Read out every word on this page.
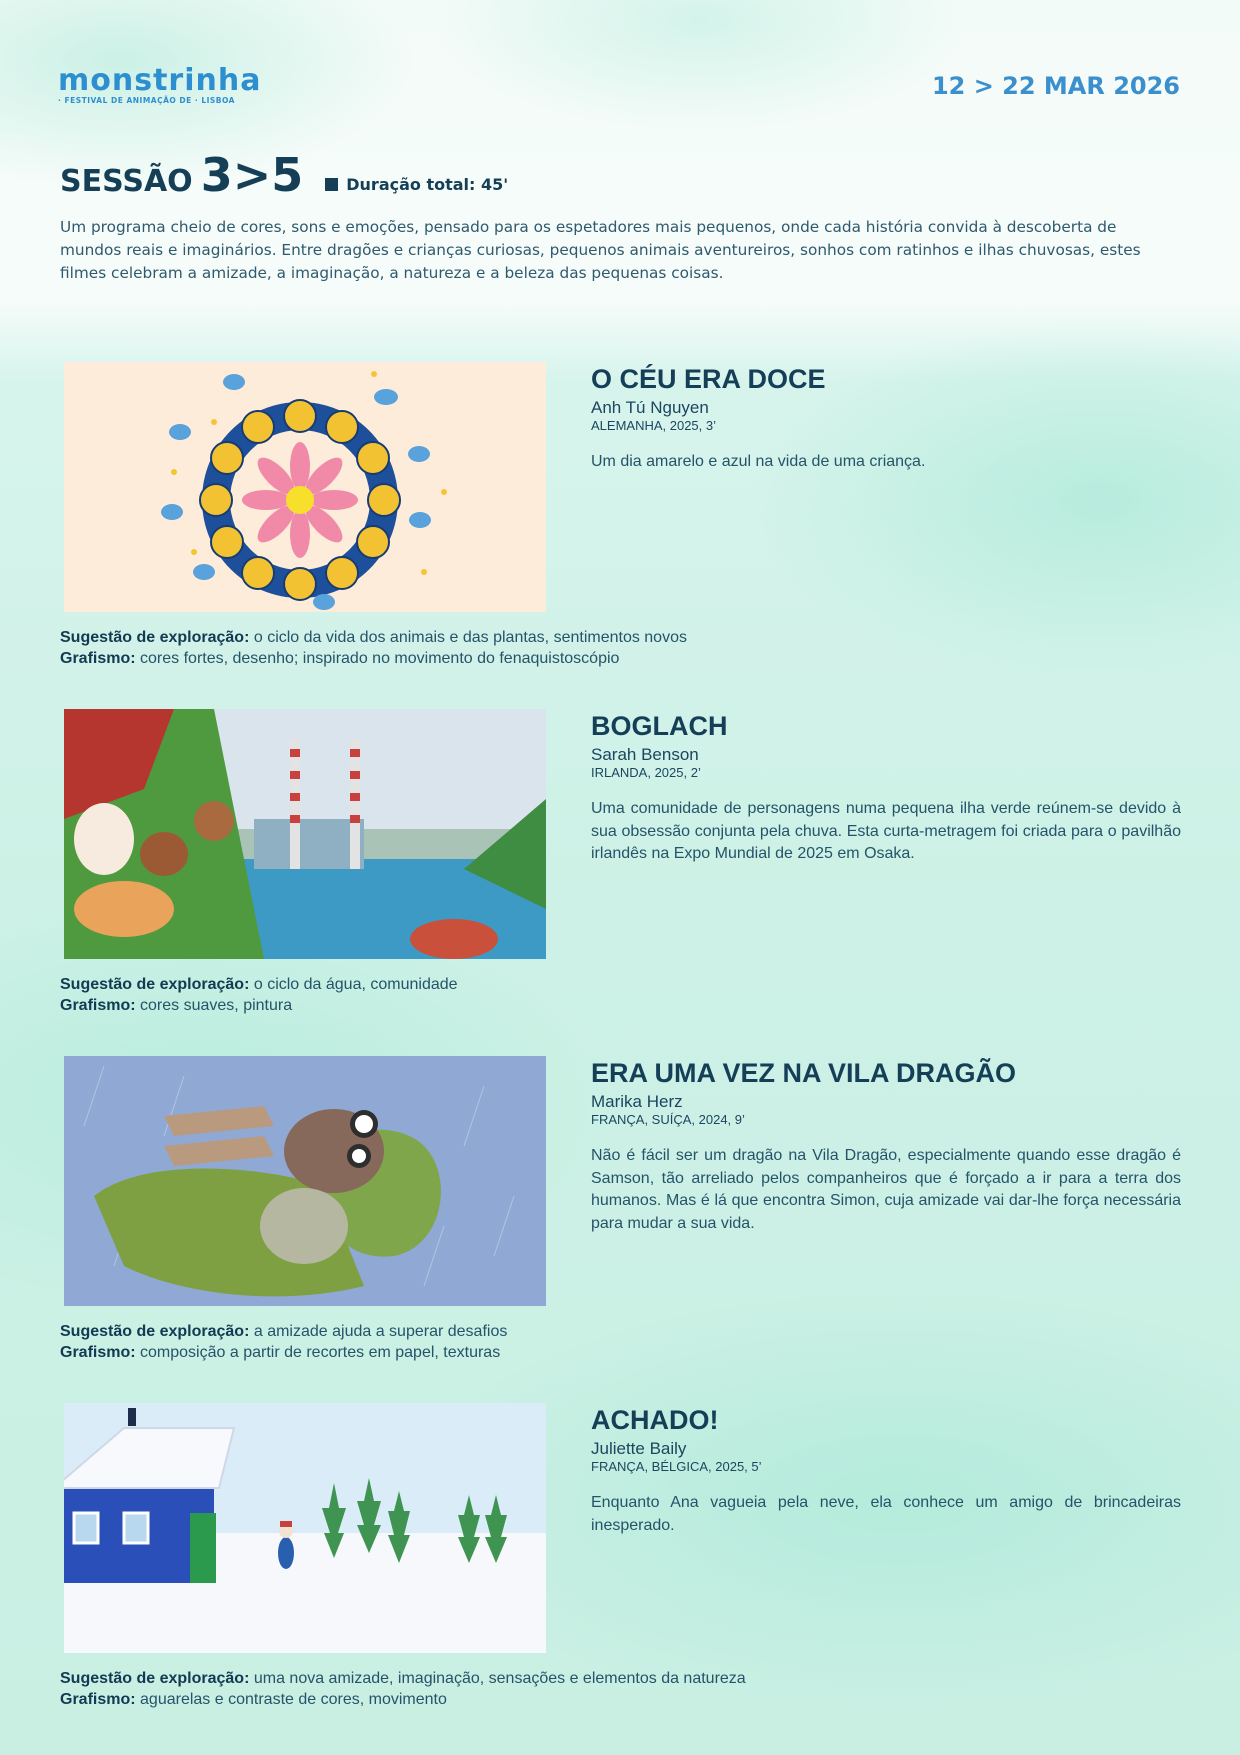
monstrinha
· FESTIVAL DE ANIMAÇÃO DE · LISBOA
12 > 22 MAR 2026
SESSÃO 3>5	Duração total: 45'
Um programa cheio de cores, sons e emoções, pensado para os espetadores mais pequenos, onde cada história convida à descoberta de mundos reais e imaginários. Entre dragões e crianças curiosas, pequenos animais aventureiros, sonhos com ratinhos e ilhas chuvosas, estes filmes celebram a amizade, a imaginação, a natureza e a beleza das pequenas coisas.
O CÉU ERA DOCE
Anh Tú Nguyen
ALEMANHA, 2025, 3’
Um dia amarelo e azul na vida de uma criança.
Sugestão de exploração: o ciclo da vida dos animais e das plantas, sentimentos novos
Grafismo: cores fortes, desenho; inspirado no movimento do fenaquistoscópio
BOGLACH
Sarah Benson
IRLANDA, 2025, 2’
Uma comunidade de personagens numa pequena ilha verde reúnem-se devido à sua obsessão conjunta pela chuva. Esta curta-metragem foi criada para o pavilhão irlandês na Expo Mundial de 2025 em Osaka.
Sugestão de exploração: o ciclo da água, comunidade
Grafismo: cores suaves, pintura
ERA UMA VEZ NA VILA DRAGÃO
Marika Herz
FRANÇA, SUÍÇA, 2024, 9’
Não é fácil ser um dragão na Vila Dragão, especialmente quando esse dragão é Samson, tão arreliado pelos companheiros que é forçado a ir para a terra dos humanos. Mas é lá que encontra Simon, cuja amizade vai dar-lhe força necessária para mudar a sua vida.
Sugestão de exploração: a amizade ajuda a superar desafios
Grafismo: composição a partir de recortes em papel, texturas
ACHADO!
Juliette Baily
FRANÇA, BÉLGICA, 2025, 5’
Enquanto Ana vagueia pela neve, ela conhece um amigo de brincadeiras inesperado.
Sugestão de exploração: uma nova amizade, imaginação, sensações e elementos da natureza
Grafismo: aguarelas e contraste de cores, movimento
